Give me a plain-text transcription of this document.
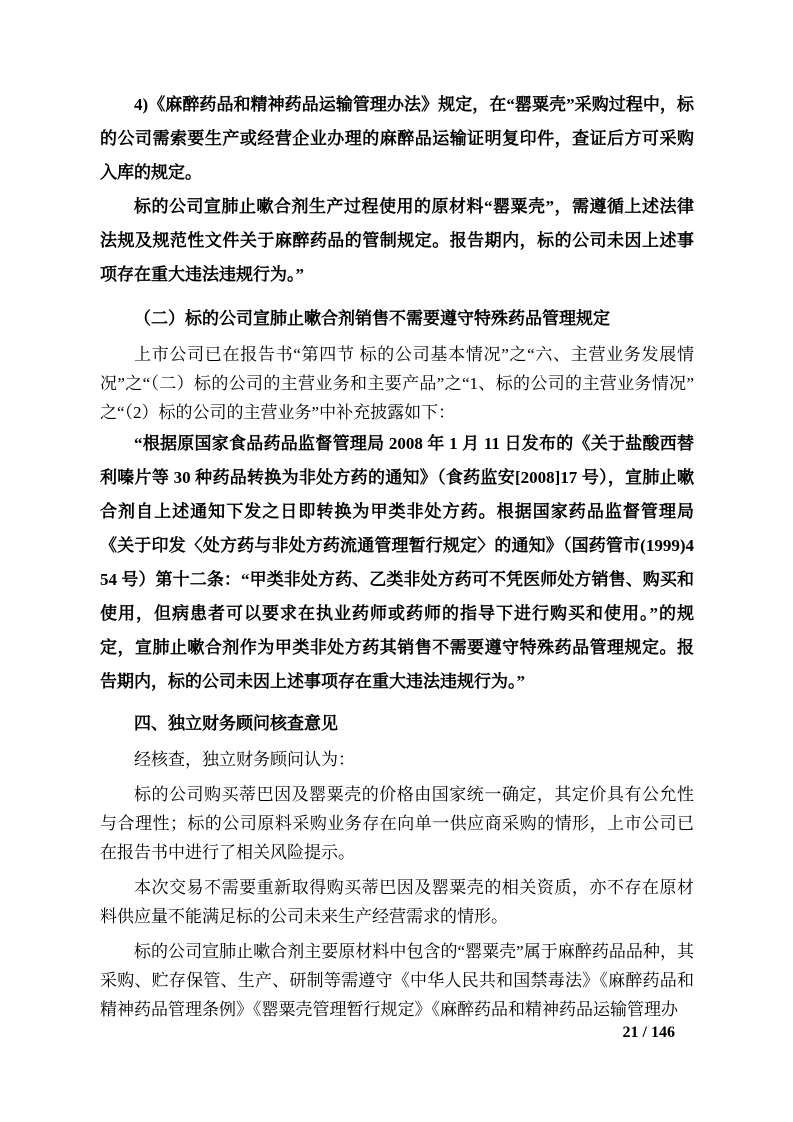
4)《麻醉药品和精神药品运输管理办法》规定，在“罂粟壳”采购过程中，标的公司需索要生产或经营企业办理的麻醉品运输证明复印件，查证后方可采购入库的规定。

标的公司宣肺止嗽合剂生产过程使用的原材料“罂粟壳”，需遵循上述法律法规及规范性文件关于麻醉药品的管制规定。报告期内，标的公司未因上述事项存在重大违法违规行为。”

（二）标的公司宣肺止嗽合剂销售不需要遵守特殊药品管理规定

上市公司已在报告书“第四节 标的公司基本情况”之“六、主营业务发展情况”之“（二）标的公司的主营业务和主要产品”之“1、标的公司的主营业务情况”之“（2）标的公司的主营业务”中补充披露如下：

“根据原国家食品药品监督管理局 2008 年 1 月 11 日发布的《关于盐酸西替利嗪片等 30 种药品转换为非处方药的通知》（食药监安[2008]17 号），宣肺止嗽合剂自上述通知下发之日即转换为甲类非处方药。根据国家药品监督管理局《关于印发〈处方药与非处方药流通管理暂行规定〉的通知》（国药管市(1999)454 号）第十二条：“甲类非处方药、乙类非处方药可不凭医师处方销售、购买和使用，但病患者可以要求在执业药师或药师的指导下进行购买和使用。”的规定，宣肺止嗽合剂作为甲类非处方药其销售不需要遵守特殊药品管理规定。报告期内，标的公司未因上述事项存在重大违法违规行为。”

四、独立财务顾问核查意见

经核查，独立财务顾问认为：

标的公司购买蒂巴因及罂粟壳的价格由国家统一确定，其定价具有公允性与合理性；标的公司原料采购业务存在向单一供应商采购的情形，上市公司已在报告书中进行了相关风险提示。

本次交易不需要重新取得购买蒂巴因及罂粟壳的相关资质，亦不存在原材料供应量不能满足标的公司未来生产经营需求的情形。

标的公司宣肺止嗽合剂主要原材料中包含的“罂粟壳”属于麻醉药品品种，其采购、贮存保管、生产、研制等需遵守《中华人民共和国禁毒法》《麻醉药品和精神药品管理条例》《罂粟壳管理暂行规定》《麻醉药品和精神药品运输管理办

21 / 146
